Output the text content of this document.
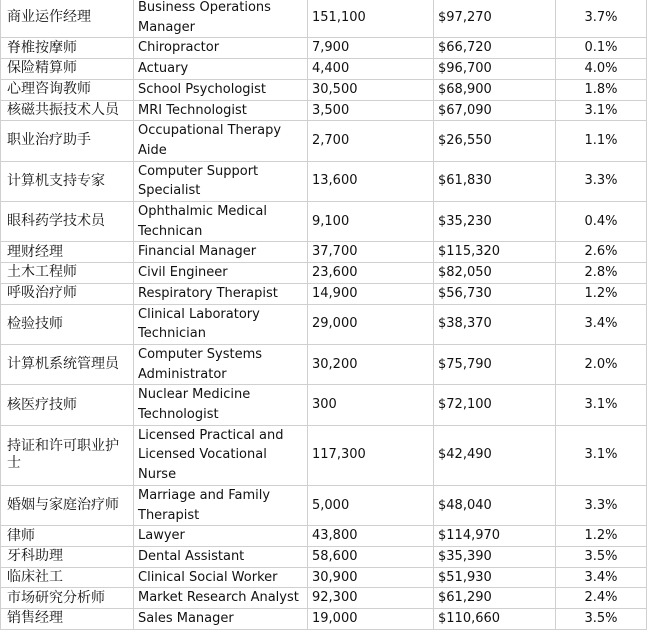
商业运作经理	Business Operations Manager	151,100	$97,270	3.7%
脊椎按摩师	Chiropractor	7,900	$66,720	0.1%
保险精算师	Actuary	4,400	$96,700	4.0%
心理咨询教师	School Psychologist	30,500	$68,900	1.8%
核磁共振技术人员	MRI Technologist	3,500	$67,090	3.1%
职业治疗助手	Occupational Therapy Aide	2,700	$26,550	1.1%
计算机支持专家	Computer Support Specialist	13,600	$61,830	3.3%
眼科药学技术员	Ophthalmic Medical Technican	9,100	$35,230	0.4%
理财经理	Financial Manager	37,700	$115,320	2.6%
土木工程师	Civil Engineer	23,600	$82,050	2.8%
呼吸治疗师	Respiratory Therapist	14,900	$56,730	1.2%
检验技师	Clinical Laboratory Technician	29,000	$38,370	3.4%
计算机系统管理员	Computer Systems Administrator	30,200	$75,790	2.0%
核医疗技师	Nuclear Medicine Technologist	300	$72,100	3.1%
持证和许可职业护士	Licensed Practical and Licensed Vocational Nurse	117,300	$42,490	3.1%
婚姻与家庭治疗师	Marriage and Family Therapist	5,000	$48,040	3.3%
律师	Lawyer	43,800	$114,970	1.2%
牙科助理	Dental Assistant	58,600	$35,390	3.5%
临床社工	Clinical Social Worker	30,900	$51,930	3.4%
市场研究分析师	Market Research Analyst	92,300	$61,290	2.4%
销售经理	Sales Manager	19,000	$110,660	3.5%
